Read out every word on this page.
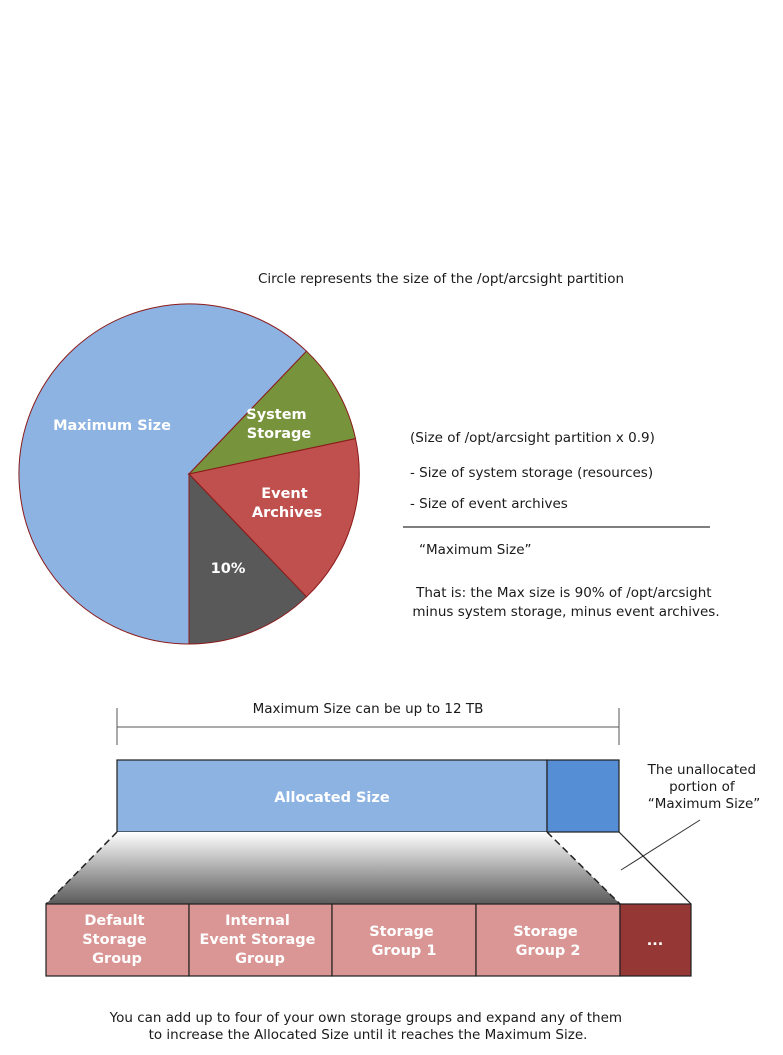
Circle represents the size of the /opt/arcsight partition
Maximum Size
System Storage
Event Archives
10%
(Size of /opt/arcsight partition x 0.9)
- Size of system storage (resources)
- Size of event archives
“Maximum Size”
That is: the Max size is 90% of /opt/arcsight minus system storage, minus event archives.
Maximum Size can be up to 12 TB
Allocated Size
The unallocated portion of “Maximum Size”
Default Storage Group
Internal Event Storage Group
Storage Group 1
Storage Group 2
...
You can add up to four of your own storage groups and expand any of them to increase the Allocated Size until it reaches the Maximum Size.
